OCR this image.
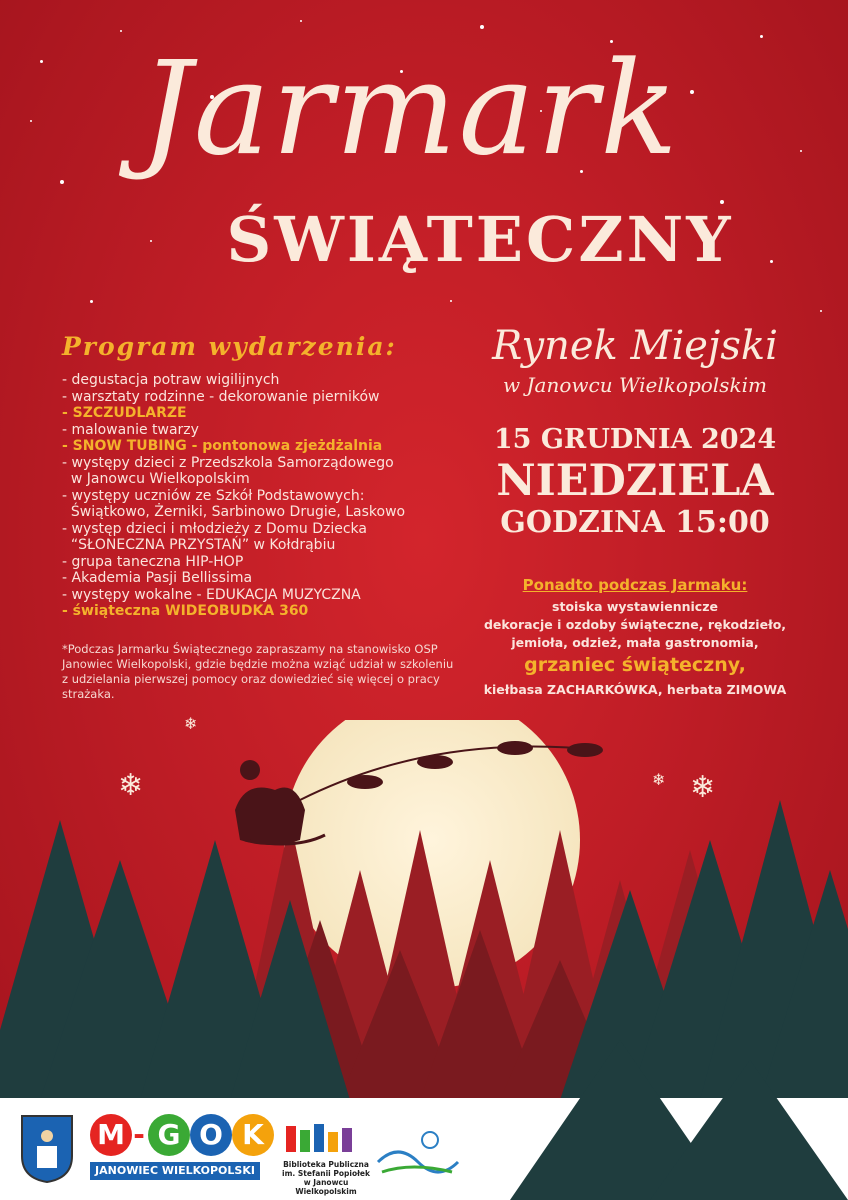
Jarmark
ŚWIĄTECZNY
Program wydarzenia:
- degustacja potraw wigilijnych
- warsztaty rodzinne - dekorowanie pierników
- SZCZUDLARZE
- malowanie twarzy
- SNOW TUBING - pontonowa zjeżdżalnia
- występy dzieci z Przedszkola Samorządowego
w Janowcu Wielkopolskim
- występy uczniów ze Szkół Podstawowych:
Świątkowo, Żerniki, Sarbinowo Drugie, Laskowo
- występ dzieci i młodzieży z Domu Dziecka
“SŁONECZNA PRZYSTAŃ” w Kołdrąbiu
- grupa taneczna HIP-HOP
- Akademia Pasji Bellissima
- występy wokalne - EDUKACJA MUZYCZNA
- świąteczna WIDEOBUDKA 360
*Podczas Jarmarku Świątecznego zapraszamy na stanowisko OSP Janowiec Wielkopolski, gdzie będzie można wziąć udział w szkoleniu z udzielania pierwszej pomocy oraz dowiedzieć się więcej o pracy strażaka.
Rynek Miejski
w Janowcu Wielkopolskim
15 GRUDNIA 2024
NIEDZIELA
GODZINA 15:00
Ponadto podczas Jarmaku:
stoiska wystawiennicze
dekoracje i ozdoby świąteczne, rękodzieło,
jemioła, odzież, mała gastronomia,
grzaniec świąteczny,
kiełbasa ZACHARKÓWKA, herbata ZIMOWA
❄	❄
❄
❄
M - G O K
JANOWIEC WIELKOPOLSKI	Biblioteka Publiczna
im. Stefanii Popiołek
w Janowcu Wielkopolskim
